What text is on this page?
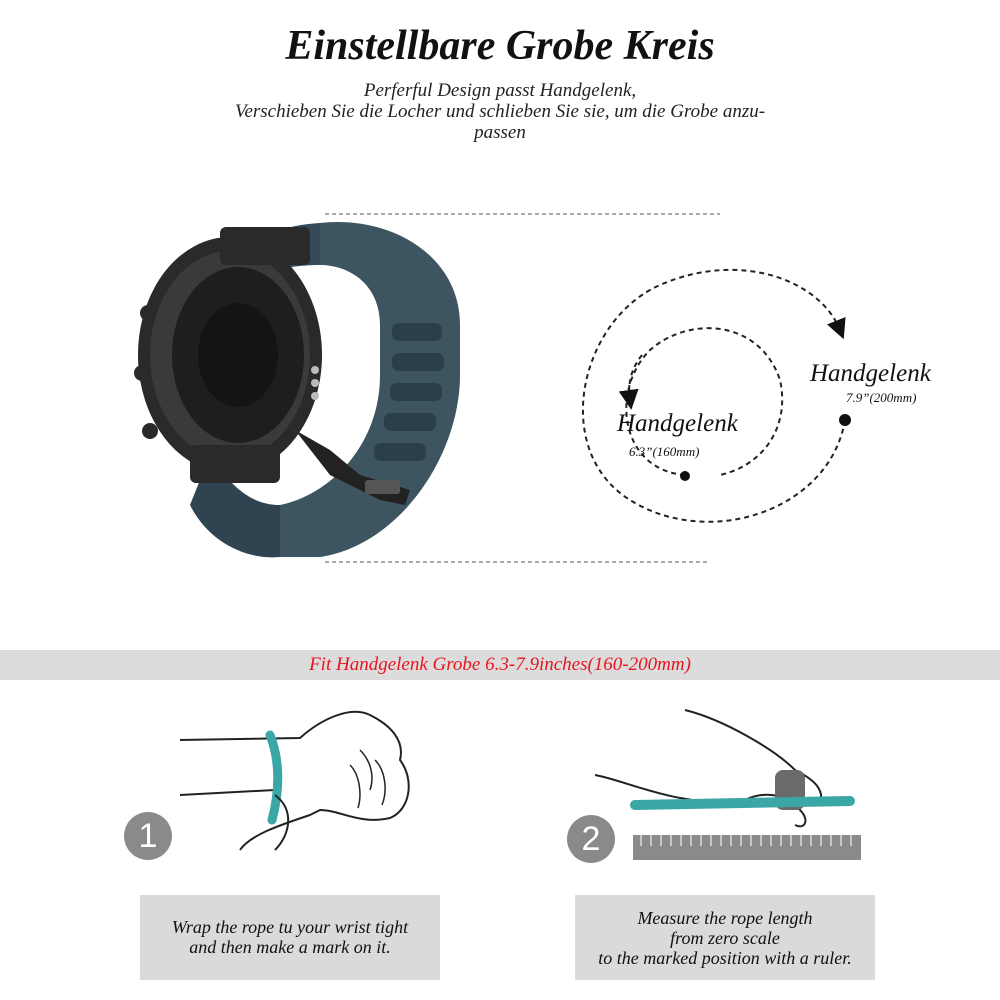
Einstellbare Grobe Kreis
Perferful Design passt Handgelenk,
Verschieben Sie die Locher und schlieben Sie sie, um die Grobe anzu-
passen
Handgelenk
7.9”(200mm)
Handgelenk
6.3”(160mm)
Fit Handgelenk Grobe 6.3-7.9inches(160-200mm)
1	2
Wrap the rope tu your wrist tight
and then make a mark on it.
Measure the rope length
from zero scale
to the marked position with a ruler.
